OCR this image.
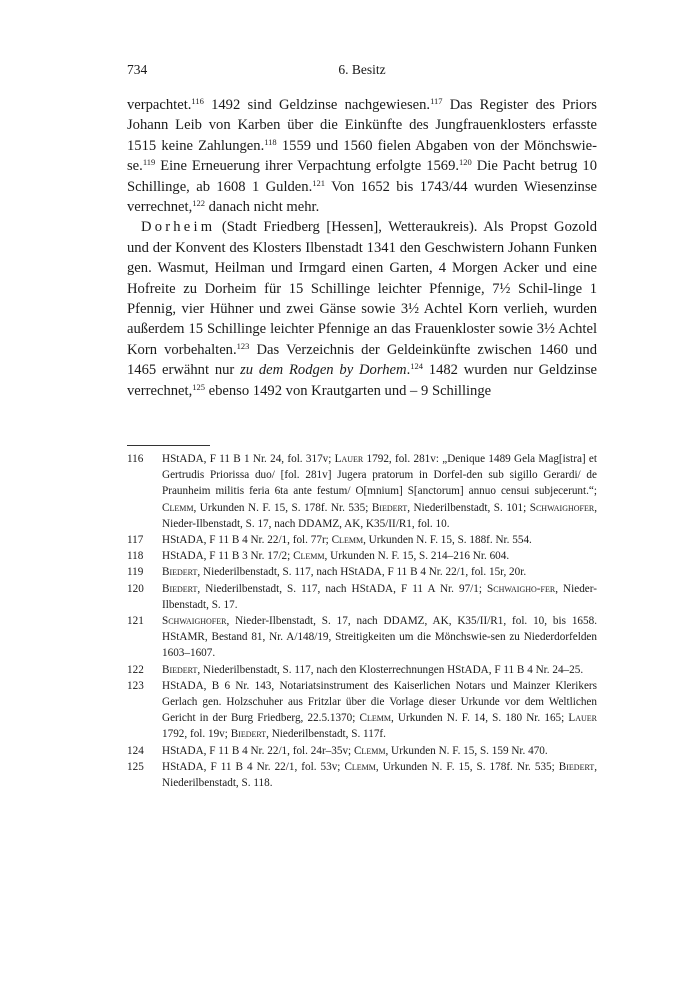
734	6. Besitz

verpachtet.$^{116}$ 1492 sind Geldzinse nachgewiesen.$^{117}$ Das Register des Priors Johann Leib von Karben über die Einkünfte des Jungfrauenklosters erfasste 1515 keine Zahlungen.$^{118}$ 1559 und 1560 fielen Abgaben von der Mönchswie-se.$^{119}$ Eine Erneuerung ihrer Verpachtung erfolgte 1569.$^{120}$ Die Pacht betrug 10 Schillinge, ab 1608 1 Gulden.$^{121}$ Von 1652 bis 1743/44 wurden Wiesenzinse verrechnet,$^{122}$ danach nicht mehr.

Dorheim (Stadt Friedberg [Hessen], Wetteraukreis). Als Propst Gozold und der Konvent des Klosters Ilbenstadt 1341 den Geschwistern Johann Funken gen. Wasmut, Heilman und Irmgard einen Garten, 4 Morgen Acker und eine Hofreite zu Dorheim für 15 Schillinge leichter Pfennige, 7½ Schil-linge 1 Pfennig, vier Hühner und zwei Gänse sowie 3½ Achtel Korn verlieh, wurden außerdem 15 Schillinge leichter Pfennige an das Frauenkloster sowie 3½ Achtel Korn vorbehalten.$^{123}$ Das Verzeichnis der Geldeinkünfte zwischen 1460 und 1465 erwähnt nur zu dem Rodgen by Dorhem.$^{124}$ 1482 wurden nur Geldzinse verrechnet,$^{125}$ ebenso 1492 von Krautgarten und – 9 Schillinge

116 HStADA, F 11 B 1 Nr. 24, fol. 317v; Lauer 1792, fol. 281v: „Denique 1489 Gela Mag[istra] et Gertrudis Priorissa duo/ [fol. 281v] Jugera pratorum in Dorfel-den sub sigillo Gerardi/ de Praunheim militis feria 6ta ante festum/ O[mnium] S[anctorum] annuo censui subjecerunt.“; Clemm, Urkunden N. F. 15, S. 178f. Nr. 535; Biedert, Niederilbenstadt, S. 101; Schwaighofer, Nieder-Ilbenstadt, S. 17, nach DDAMZ, AK, K35/II/R1, fol. 10.
117 HStADA, F 11 B 4 Nr. 22/1, fol. 77r; Clemm, Urkunden N. F. 15, S. 188f. Nr. 554.
118 HStADA, F 11 B 3 Nr. 17/2; Clemm, Urkunden N. F. 15, S. 214–216 Nr. 604.
119 Biedert, Niederilbenstadt, S. 117, nach HStADA, F 11 B 4 Nr. 22/1, fol. 15r, 20r.
120 Biedert, Niederilbenstadt, S. 117, nach HStADA, F 11 A Nr. 97/1; Schwaigho-fer, Nieder-Ilbenstadt, S. 17.
121 Schwaighofer, Nieder-Ilbenstadt, S. 17, nach DDAMZ, AK, K35/II/R1, fol. 10, bis 1658. HStAMR, Bestand 81, Nr. A/148/19, Streitigkeiten um die Mönchswie-sen zu Niederdorfelden 1603–1607.
122 Biedert, Niederilbenstadt, S. 117, nach den Klosterrechnungen HStADA, F 11 B 4 Nr. 24–25.
123 HStADA, B 6 Nr. 143, Notariatsinstrument des Kaiserlichen Notars und Mainzer Klerikers Gerlach gen. Holzschuher aus Fritzlar über die Vorlage dieser Urkunde vor dem Weltlichen Gericht in der Burg Friedberg, 22.5.1370; Clemm, Urkunden N. F. 14, S. 180 Nr. 165; Lauer 1792, fol. 19v; Biedert, Niederilbenstadt, S. 117f.
124 HStADA, F 11 B 4 Nr. 22/1, fol. 24r–35v; Clemm, Urkunden N. F. 15, S. 159 Nr. 470.
125 HStADA, F 11 B 4 Nr. 22/1, fol. 53v; Clemm, Urkunden N. F. 15, S. 178f. Nr. 535; Biedert, Niederilbenstadt, S. 118.
